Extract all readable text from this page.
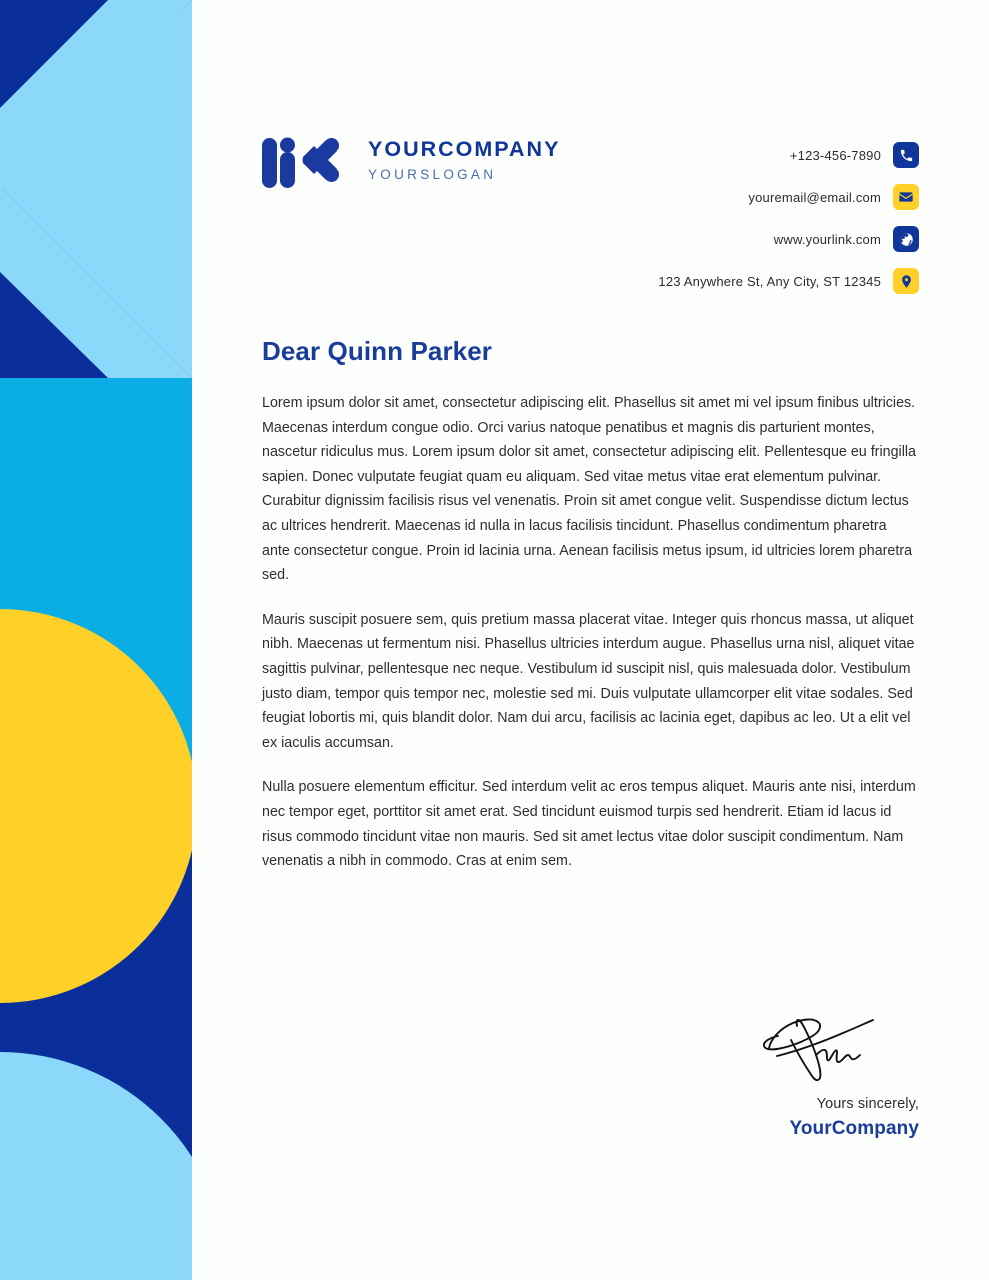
YOURCOMPANY
YOURSLOGAN
+123-456-7890
youremail@email.com
www.yourlink.com
123 Anywhere St, Any City, ST 12345
Dear Quinn Parker

Lorem ipsum dolor sit amet, consectetur adipiscing elit. Phasellus sit amet mi vel ipsum finibus ultricies. Maecenas interdum congue odio. Orci varius natoque penatibus et magnis dis parturient montes, nascetur ridiculus mus. Lorem ipsum dolor sit amet, consectetur adipiscing elit. Pellentesque eu fringilla sapien. Donec vulputate feugiat quam eu aliquam. Sed vitae metus vitae erat elementum pulvinar. Curabitur dignissim facilisis risus vel venenatis. Proin sit amet congue velit. Suspendisse dictum lectus ac ultrices hendrerit. Maecenas id nulla in lacus facilisis tincidunt. Phasellus condimentum pharetra ante consectetur congue. Proin id lacinia urna. Aenean facilisis metus ipsum, id ultricies lorem pharetra sed.

Mauris suscipit posuere sem, quis pretium massa placerat vitae. Integer quis rhoncus massa, ut aliquet nibh. Maecenas ut fermentum nisi. Phasellus ultricies interdum augue. Phasellus urna nisl, aliquet vitae sagittis pulvinar, pellentesque nec neque. Vestibulum id suscipit nisl, quis malesuada dolor. Vestibulum justo diam, tempor quis tempor nec, molestie sed mi. Duis vulputate ullamcorper elit vitae sodales. Sed feugiat lobortis mi, quis blandit dolor. Nam dui arcu, facilisis ac lacinia eget, dapibus ac leo. Ut a elit vel ex iaculis accumsan.

Nulla posuere elementum efficitur. Sed interdum velit ac eros tempus aliquet. Mauris ante nisi, interdum nec tempor eget, porttitor sit amet erat. Sed tincidunt euismod turpis sed hendrerit. Etiam id lacus id risus commodo tincidunt vitae non mauris. Sed sit amet lectus vitae dolor suscipit condimentum. Nam venenatis a nibh in commodo. Cras at enim sem.

Yours sincerely,
YourCompany
